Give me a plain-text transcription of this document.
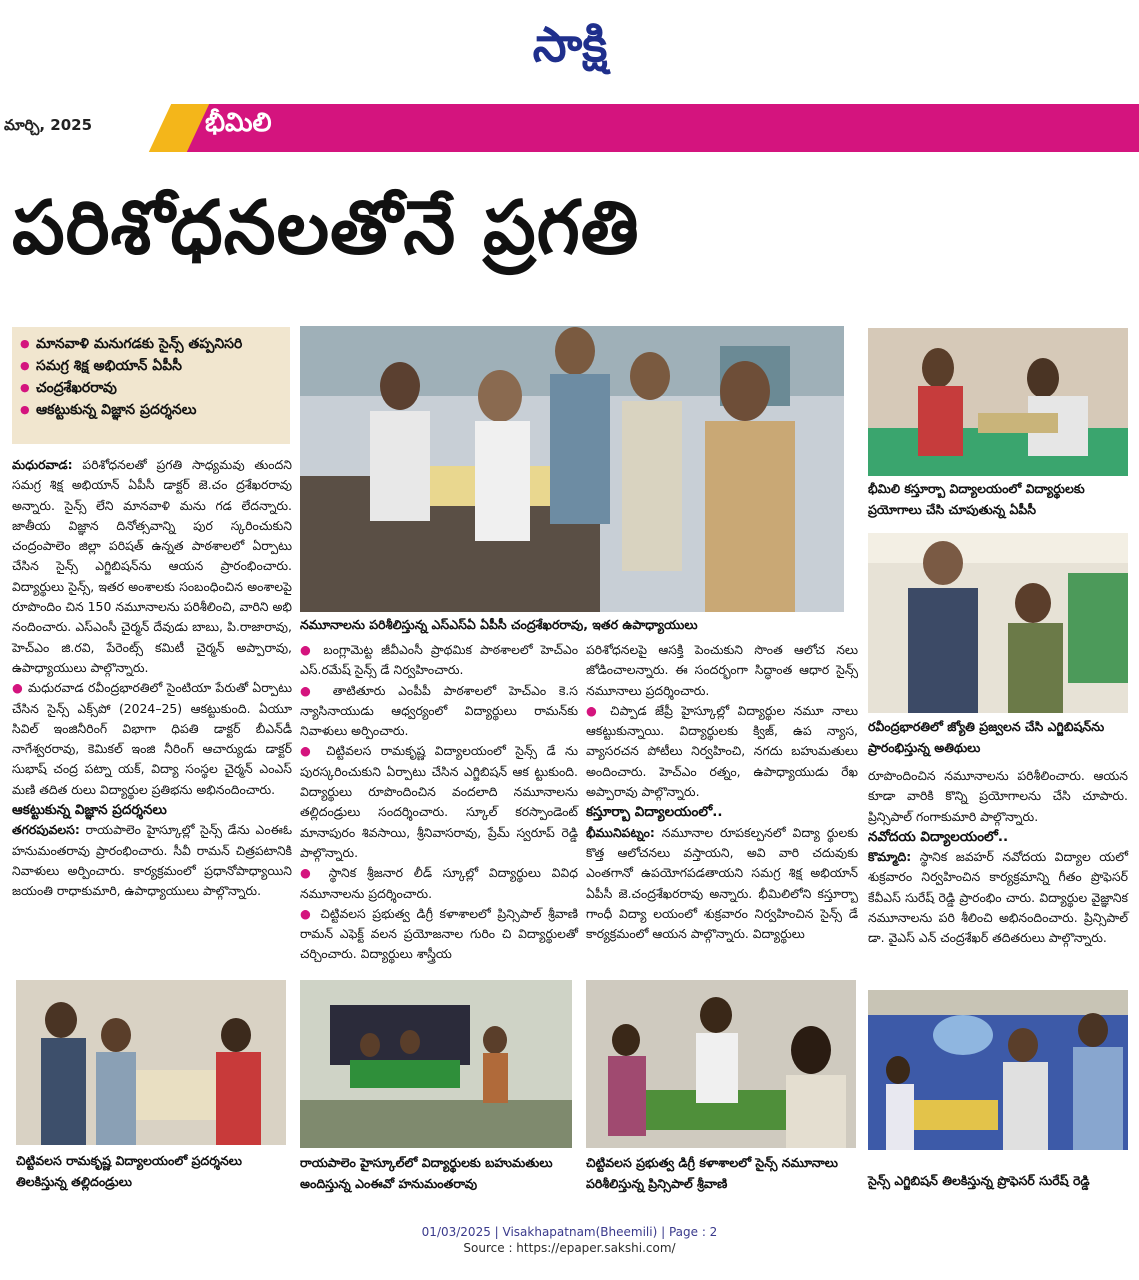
సాక్షి
మార్చి, 2025	భీమిలి
పరిశోధనలతోనే ప్రగతి
● మానవాళి మనుగడకు సైన్స్ తప్పనిసరి
● సమగ్ర శిక్ష అభియాన్ ఏపీసీ
● చంద్రశేఖరరావు
● ఆకట్టుకున్న విజ్ఞాన ప్రదర్శనలు

మధురవాడ: పరిశోధనలతో ప్రగతి సాధ్యమవు తుందని సమగ్ర శిక్ష అభియాన్ ఏపీసీ డాక్టర్ జె.చం ద్రశేఖరరావు అన్నారు. సైన్స్ లేని మానవాళి మను గడ లేదన్నారు. జాతీయ విజ్ఞాన దినోత్సవాన్ని పుర స్కరించుకుని చంద్రంపాలెం జిల్లా పరిషత్ ఉన్నత పాఠశాలలో ఏర్పాటు చేసిన సైన్స్ ఎగ్జిబిషన్‌ను ఆయన ప్రారంభించారు. విద్యార్థులు సైన్స్, ఇతర అంశాలకు సంబంధించిన అంశాలపై రూపొందిం చిన 150 నమూనాలను పరిశీలించి, వారిని అభి నందించారు. ఎస్ఎంసీ చైర్మన్ దేవుడు బాబు, పి.రాజారావు, హెచ్ఎం జి.రవి, పేరెంట్స్ కమిటీ చైర్మన్ అప్పారావు, ఉపాధ్యాయులు పాల్గొన్నారు.

● మధురవాడ రవీంద్రభారతిలో సైంటియా పేరుతో ఏర్పాటు చేసిన సైన్స్ ఎక్స్‌పో (2024–25) ఆకట్టుకుంది. ఏయూ సివిల్ ఇంజినీరింగ్ విభాగా ధిపతి డాక్టర్ బీఎన్‌డీ నాగేశ్వరరావు, కెమికల్ ఇంజి నీరింగ్ ఆచార్యుడు డాక్టర్ సుభాష్ చంద్ర పట్నా యక్, విద్యా సంస్థల చైర్మన్ ఎంఎస్ మణి తదిత రులు విద్యార్థుల ప్రతిభను అభినందించారు.

ఆకట్టుకున్న విజ్ఞాన ప్రదర్శనలు

తగరపువలస: రాయపాలెం హైస్కూల్లో సైన్స్ డేను ఎంఈఓ హనుమంతరావు ప్రారంభించారు. సీవీ రామన్ చిత్రపటానికి నివాళులు అర్పించారు. కార్యక్రమంలో ప్రధానోపాధ్యాయిని జయంతి రాధాకుమారి, ఉపాధ్యాయులు పాల్గొన్నారు.

నమూనాలను పరిశీలిస్తున్న ఎస్ఎస్ఏ ఏపీసీ చంద్రశేఖరరావు, ఇతర ఉపాధ్యాయులు
భీమిలి కస్తూర్బా విద్యాలయంలో విద్యార్థులకు ప్రయోగాలు చేసి చూపుతున్న ఏపీసీ
రవీంద్రభారతిలో జ్యోతి ప్రజ్వలన చేసి ఎగ్జిబిషన్‌ను ప్రారంభిస్తున్న అతిథులు

● బంగ్లామెట్ట జీవీఎంసీ ప్రాథమిక పాఠశాలలో హెచ్ఎం ఎస్.రమేష్ సైన్స్ డే నిర్వహించారు.

● తాటితూరు ఎంపీపీ పాఠశాలలో హెచ్ఎం కె.స న్యాసినాయుడు ఆధ్వర్యంలో విద్యార్థులు రామన్‌కు నివాళులు అర్పించారు.

● చిట్టివలస రామకృష్ణ విద్యాలయంలో సైన్స్ డే ను పురస్కరించుకుని ఏర్పాటు చేసిన ఎగ్జిబిషన్ ఆక ట్టుకుంది. విద్యార్థులు రూపొందించిన వందలాది నమూనాలను తల్లిదండ్రులు సందర్శించారు. స్కూల్ కరస్పాండెంట్ మానాపురం శివసాయి, శ్రీనివాసరావు, ప్రేమ్ స్వరూప్ రెడ్డి పాల్గొన్నారు.

● స్థానిక శ్రీజనార లీడ్ స్కూల్లో విద్యార్థులు వివిధ నమూనాలను ప్రదర్శించారు.

● చిట్టివలస ప్రభుత్వ డిగ్రీ కళాశాలలో ప్రిన్సిపాల్ శ్రీవాణి రామన్ ఎఫెక్ట్ వలన ప్రయోజనాల గురిం చి విద్యార్థులతో చర్చించారు. విద్యార్థులు శాస్త్రీయ

పరిశోధనలపై ఆసక్తి పెంచుకుని సొంత ఆలోచ నలు జోడించాలన్నారు. ఈ సందర్భంగా సిద్ధాంత ఆధార సైన్స్ నమూనాలు ప్రదర్శించారు.

● చిప్పాడ జేప్రీ హైస్కూల్లో విద్యార్థుల నమూ నాలు ఆకట్టుకున్నాయి. విద్యార్థులకు క్విజ్, ఉప న్యాస, వ్యాసరచన పోటీలు నిర్వహించి, నగదు బహుమతులు అందించారు. హెచ్ఎం రత్నం, ఉపాధ్యాయుడు రేఖ అప్పారావు పాల్గొన్నారు.

కస్తూర్బా విద్యాలయంలో..

భీమునిపట్నం: నమూనాల రూపకల్పనలో విద్యా ర్థులకు కొత్త ఆలోచనలు వస్తాయని, అవి వారి చదువుకు ఎంతగానో ఉపయోగపడతాయని సమగ్ర శిక్ష అభియాన్ ఏపీసీ జె.చంద్రశేఖరరావు అన్నారు. భీమిలిలోని కస్తూర్బా గాంధీ విద్యా లయంలో శుక్రవారం నిర్వహించిన సైన్స్ డే కార్యక్రమంలో ఆయన పాల్గొన్నారు. విద్యార్థులు

రూపొందించిన నమూనాలను పరిశీలించారు. ఆయన కూడా వారికి కొన్ని ప్రయోగాలను చేసి చూపారు. ప్రిన్సిపాల్ గంగాకుమారి పాల్గొన్నారు.

నవోదయ విద్యాలయంలో..

కొమ్మాది: స్థానిక జవహర్ నవోదయ విద్యాల యలో శుక్రవారం నిర్వహించిన కార్యక్రమాన్ని గీతం ప్రొఫెసర్ కేవీఎస్ సురేష్ రెడ్డి ప్రారంభిం చారు. విద్యార్థుల వైజ్ఞానిక నమూనాలను పరి శీలించి అభినందించారు. ప్రిన్సిపాల్ డా. వైఎస్ ఎన్ చంద్రశేఖర్ తదితరులు పాల్గొన్నారు.

చిట్టివలస రామకృష్ణ విద్యాలయంలో ప్రదర్శనలు తిలకిస్తున్న తల్లిదండ్రులు
రాయపాలెం హైస్కూల్‌లో విద్యార్థులకు బహుమతులు అందిస్తున్న ఎంఈవో హనుమంతరావు
చిట్టివలస ప్రభుత్వ డిగ్రీ కళాశాలలో సైన్స్ నమూనాలు పరిశీలిస్తున్న ప్రిన్సిపాల్ శ్రీవాణి	సైన్స్ ఎగ్జిబిషన్ తిలకిస్తున్న ప్రొఫెసర్ సురేష్ రెడ్డి
01/03/2025 | Visakhapatnam(Bheemili) | Page : 2
Source : https://epaper.sakshi.com/
